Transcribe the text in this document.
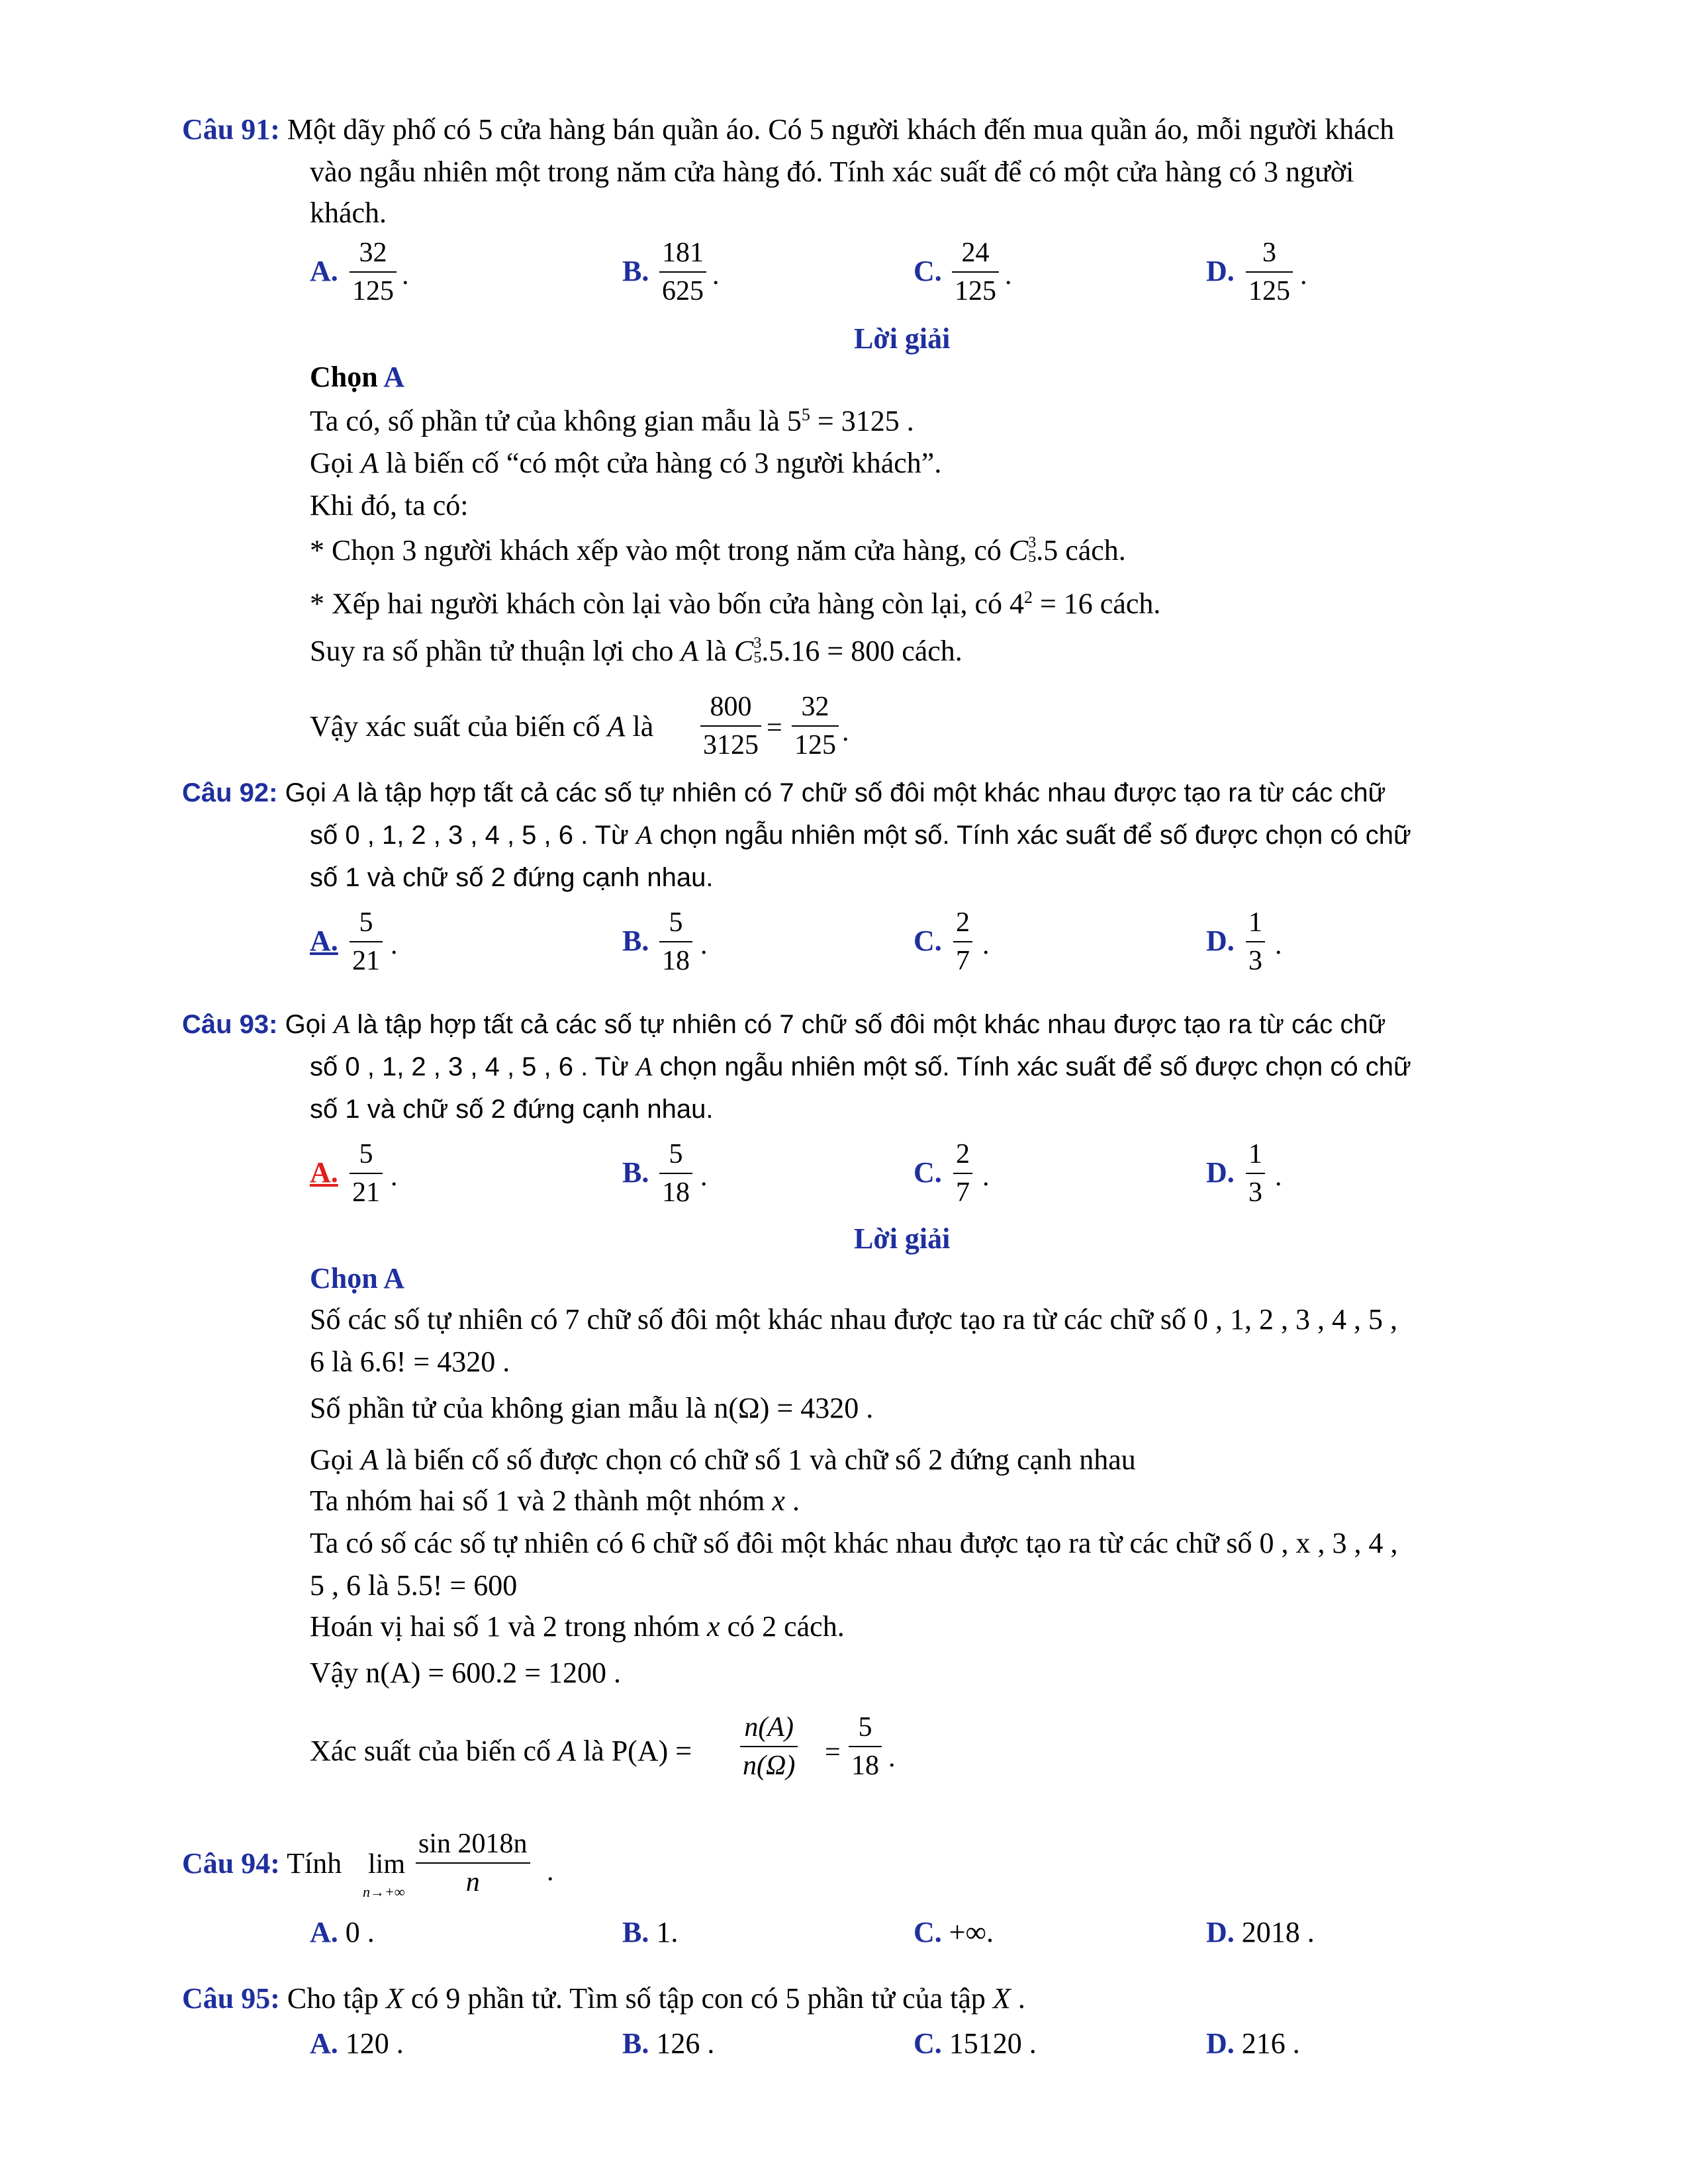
Câu 91: Một dãy phố có 5 cửa hàng bán quần áo. Có 5 người khách đến mua quần áo, mỗi người khách
vào ngẫu nhiên một trong năm cửa hàng đó. Tính xác suất để có một cửa hàng có 3 người
khách.
A.
32
125
.	B.
181
625
.	C.
24
125
.	D.
3
125
.
Lời giải
Chọn A
Ta có, số phần tử của không gian mẫu là $5^5 = 3125$ .
Gọi A là biến cố “có một cửa hàng có 3 người khách”.
Khi đó, ta có:
* Chọn 3 người khách xếp vào một trong năm cửa hàng, có C 3
5 .5 cách.
* Xếp hai người khách còn lại vào bốn cửa hàng còn lại, có $4^2 = 16$ cách.
Suy ra số phần tử thuận lợi cho A là C 3
5 .5.16 = 800 cách.
Vậy xác suất của biến cố A là
800
3125
=
32
125 .
Câu 92: Gọi A là tập hợp tất cả các số tự nhiên có 7 chữ số đôi một khác nhau được tạo ra từ các chữ
số 0 , 1, 2 , 3 , 4 , 5 , 6 . Từ A chọn ngẫu nhiên một số. Tính xác suất để số được chọn có chữ
số 1 và chữ số 2 đứng cạnh nhau.
A.
5
21
.	B.
5
18
.	C.
2
7
.	D.
1
3
.
Câu 93: Gọi A là tập hợp tất cả các số tự nhiên có 7 chữ số đôi một khác nhau được tạo ra từ các chữ
số 0 , 1, 2 , 3 , 4 , 5 , 6 . Từ A chọn ngẫu nhiên một số. Tính xác suất để số được chọn có chữ
số 1 và chữ số 2 đứng cạnh nhau.
A.
5
21
.	B.
5
18
.	C.
2
7
.	D.
1
3
.
Lời giải
Chọn A
Số các số tự nhiên có 7 chữ số đôi một khác nhau được tạo ra từ các chữ số 0 , 1, 2 , 3 , 4 , 5 ,
6 là 6.6! = 4320 .
Số phần tử của không gian mẫu là n(Ω) = 4320 .
Gọi A là biến cố số được chọn có chữ số 1 và chữ số 2 đứng cạnh nhau
Ta nhóm hai số 1 và 2 thành một nhóm x .
Ta có số các số tự nhiên có 6 chữ số đôi một khác nhau được tạo ra từ các chữ số 0 , x , 3 , 4 ,
5 , 6 là 5.5! = 600
Hoán vị hai số 1 và 2 trong nhóm x có 2 cách.
Vậy n(A) = 600.2 = 1200 .
Xác suất của biến cố A là P(A) =
n(A)
n(Ω) =
5
18 .
Câu 94: Tính lim
n→+∞
sin 2018n
n	.
A. 0 .	B. 1.	C. +∞.	D. 2018 .
Câu 95: Cho tập X có 9 phần tử. Tìm số tập con có 5 phần tử của tập X .
A. 120 .	B. 126 .	C. 15120 .	D. 216 .
